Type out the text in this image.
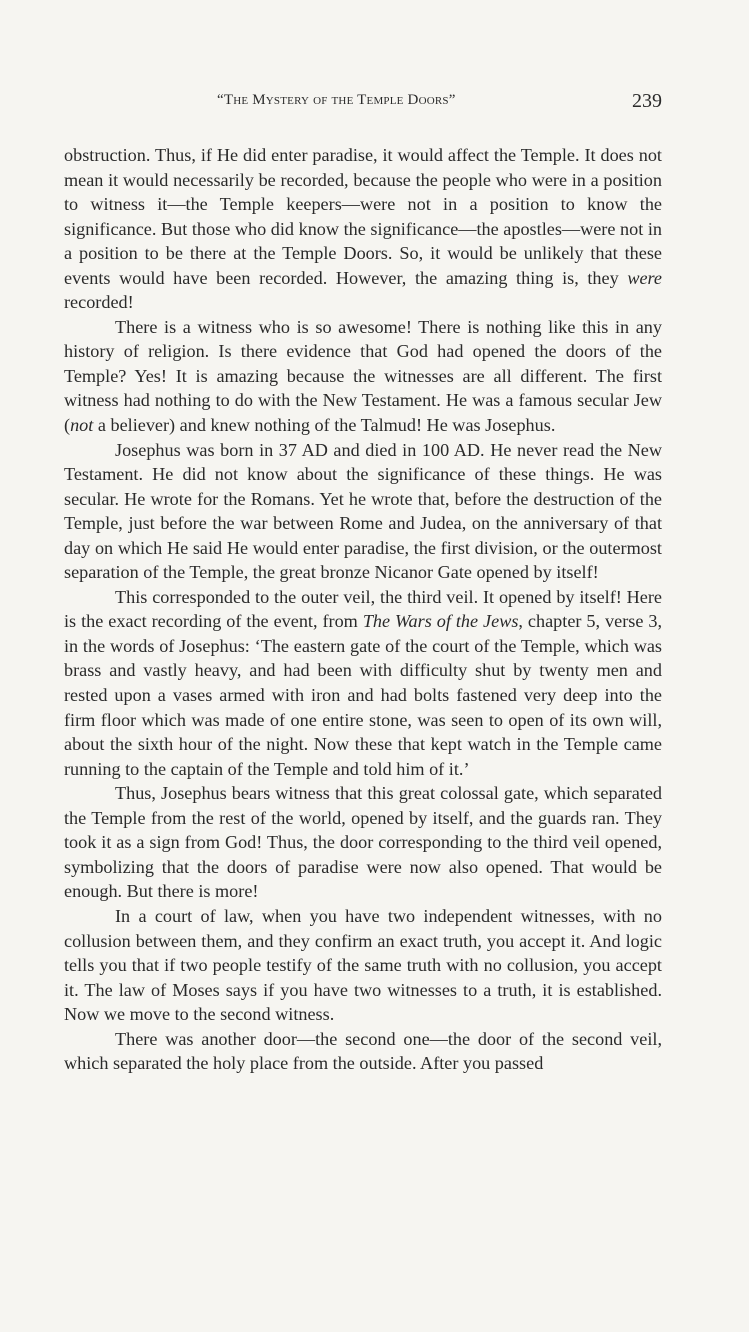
“The Mystery of the Temple Doors”	239

obstruction. Thus, if He did enter paradise, it would affect the Temple. It does not mean it would necessarily be recorded, because the people who were in a position to witness it—the Temple keepers—were not in a position to know the significance. But those who did know the significance—the apostles—were not in a position to be there at the Temple Doors. So, it would be unlikely that these events would have been recorded. However, the amazing thing is, they were recorded!

There is a witness who is so awesome! There is nothing like this in any history of religion. Is there evidence that God had opened the doors of the Temple? Yes! It is amazing because the witnesses are all different. The first witness had nothing to do with the New Testament. He was a famous secular Jew (not a believer) and knew nothing of the Talmud! He was Josephus.

Josephus was born in 37 AD and died in 100 AD. He never read the New Testament. He did not know about the significance of these things. He was secular. He wrote for the Romans. Yet he wrote that, before the destruction of the Temple, just before the war between Rome and Judea, on the anniversary of that day on which He said He would enter paradise, the first division, or the outermost separation of the Temple, the great bronze Nicanor Gate opened by itself!

This corresponded to the outer veil, the third veil. It opened by itself! Here is the exact recording of the event, from The Wars of the Jews, chapter 5, verse 3, in the words of Josephus: ‘The eastern gate of the court of the Temple, which was brass and vastly heavy, and had been with difficulty shut by twenty men and rested upon a vases armed with iron and had bolts fastened very deep into the firm floor which was made of one entire stone, was seen to open of its own will, about the sixth hour of the night. Now these that kept watch in the Temple came running to the captain of the Temple and told him of it.’

Thus, Josephus bears witness that this great colossal gate, which separated the Temple from the rest of the world, opened by itself, and the guards ran. They took it as a sign from God! Thus, the door corresponding to the third veil opened, symbolizing that the doors of paradise were now also opened. That would be enough. But there is more!

In a court of law, when you have two independent witnesses, with no collusion between them, and they confirm an exact truth, you accept it. And logic tells you that if two people testify of the same truth with no collusion, you accept it. The law of Moses says if you have two witnesses to a truth, it is established. Now we move to the second witness.

There was another door—the second one—the door of the second veil, which separated the holy place from the outside. After you passed
